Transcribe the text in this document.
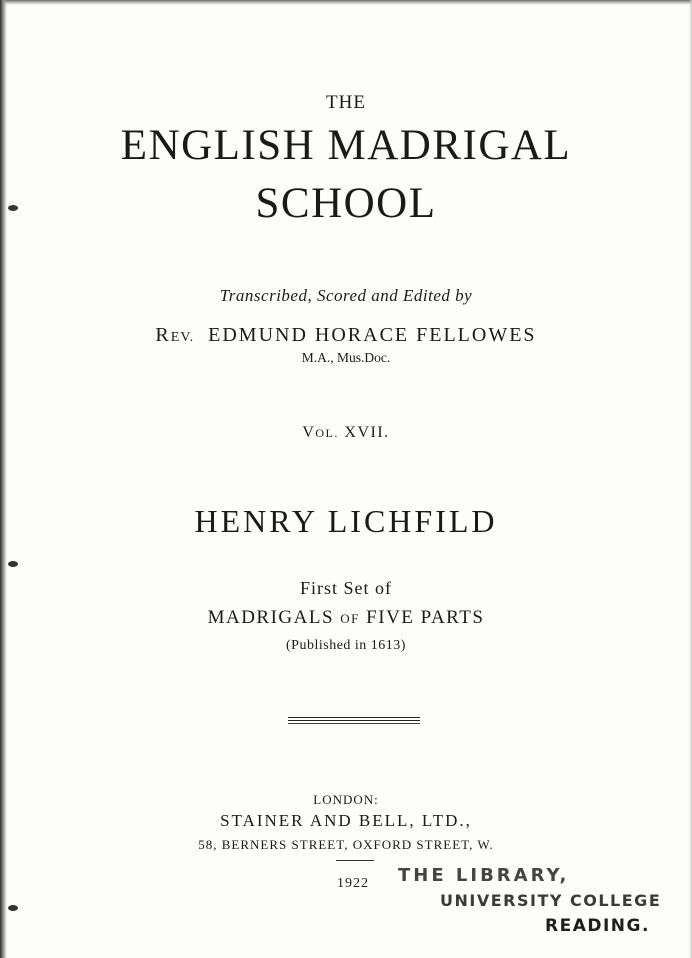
THE
ENGLISH MADRIGAL
SCHOOL
Transcribed, Scored and Edited by
REV. EDMUND HORACE FELLOWES
M.A., Mus.Doc.
VOL. XVII.
HENRY LICHFILD
First Set of
MADRIGALS OF FIVE PARTS
(Published in 1613)
LONDON:
STAINER AND BELL, LTD.,
58, BERNERS STREET, OXFORD STREET, W.
1922 THE LIBRARY,
UNIVERSITY COLLEGE
READING.
